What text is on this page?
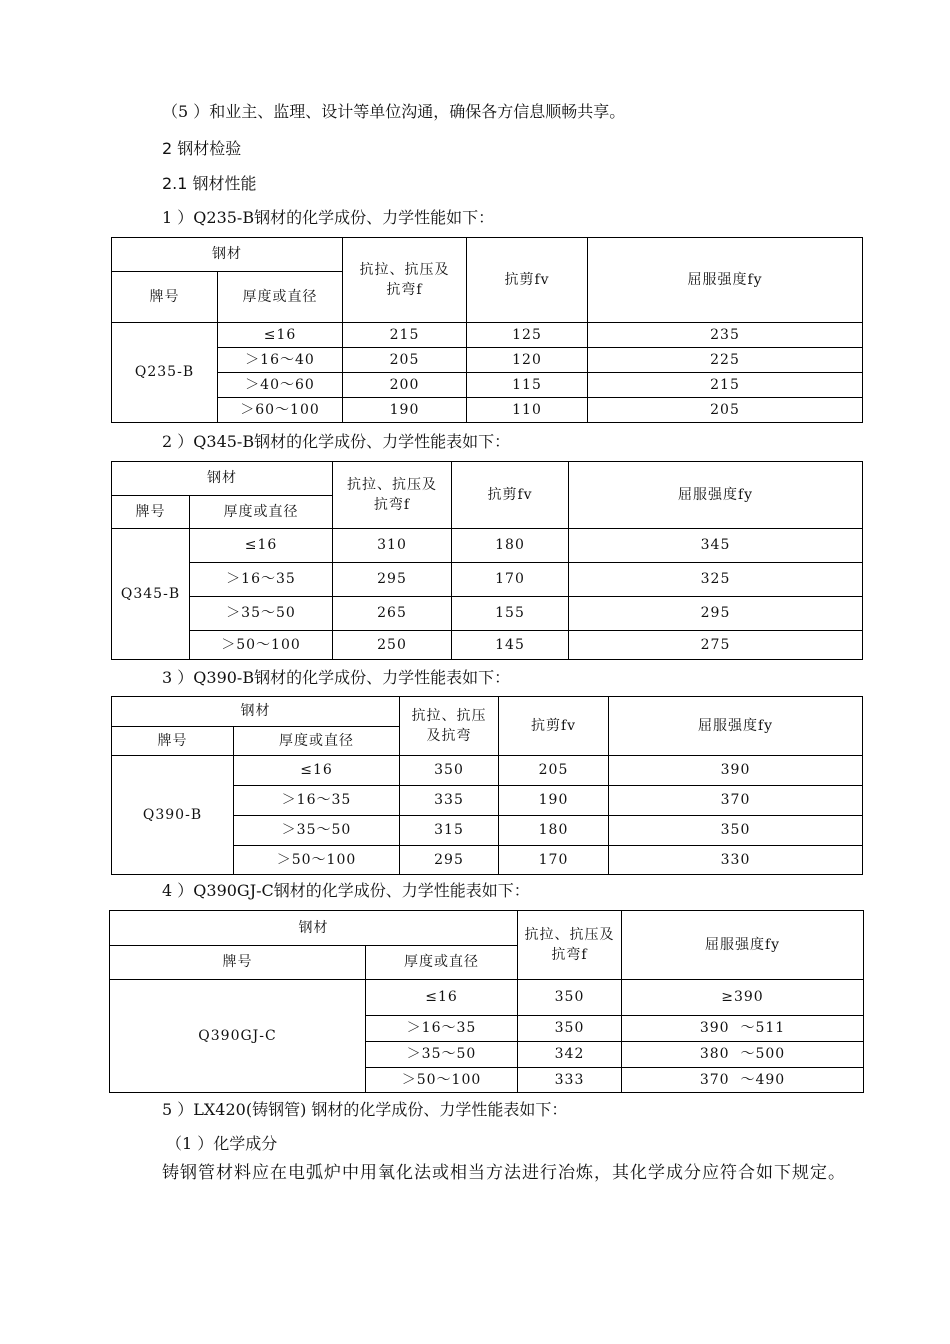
（5 ）和业主、监理、设计等单位沟通，确保各方信息顺畅共享。
2 钢材检验
2.1 钢材性能
1 ）Q235-B钢材的化学成份、力学性能如下：
钢材		抗拉、抗压及抗弯f	抗剪fv	屈服强度fy
牌号	厚度或直径			
Q235-B	≤16	215	125	235
	＞16～40	205	120	225
	＞40～60	200	115	215
	＞60～100	190	110	205
2 ）Q345-B钢材的化学成份、力学性能表如下：
钢材		抗拉、抗压及抗弯f	抗剪fv	屈服强度fy
牌号	厚度或直径			
Q345-B	≤16	310	180	345
	＞16～35	295	170	325
	＞35～50	265	155	295
	＞50～100	250	145	275
3 ）Q390-B钢材的化学成份、力学性能表如下：
钢材		抗拉、抗压及抗弯	抗剪fv	屈服强度fy
牌号	厚度或直径			
Q390-B	≤16	350	205	390
	＞16～35	335	190	370
	＞35～50	315	180	350
	＞50～100	295	170	330
4 ）Q390GJ-C钢材的化学成份、力学性能表如下：
钢材		抗拉、抗压及抗弯f	屈服强度fy
牌号	厚度或直径		
Q390GJ-C	≤16	350	≥390
	＞16～35	350	390  ～511
	＞35～50	342	380  ～500
	＞50～100	333	370  ～490
5 ）LX420(铸钢管) 钢材的化学成份、力学性能表如下：
（1 ）化学成分
铸钢管材料应在电弧炉中用氧化法或相当方法进行冶炼，其化学成分应符合如下规定。
